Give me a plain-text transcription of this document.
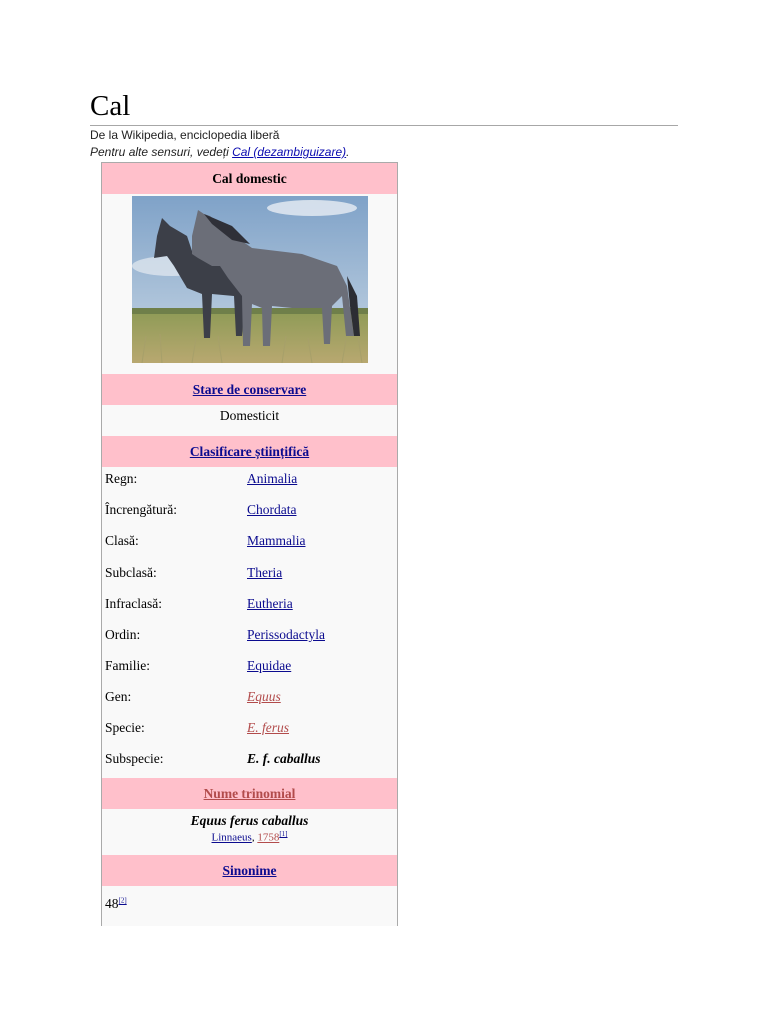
Cal
De la Wikipedia, enciclopedia liberă
Pentru alte sensuri, vedeți Cal (dezambiguizare).
Cal domestic
Stare de conservare
Domesticit
Clasificare științifică
Regn:	Animalia
Încrengătură:	Chordata
Clasă:	Mammalia
Subclasă:	Theria
Infraclasă:	Eutheria
Ordin:	Perissodactyla
Familie:	Equidae
Gen:	Equus
Specie:	E. ferus
Subspecie:	E. f. caballus
Nume trinomial
Equus ferus caballus
Linnaeus, 1758[1]
Sinonime
48[2]
